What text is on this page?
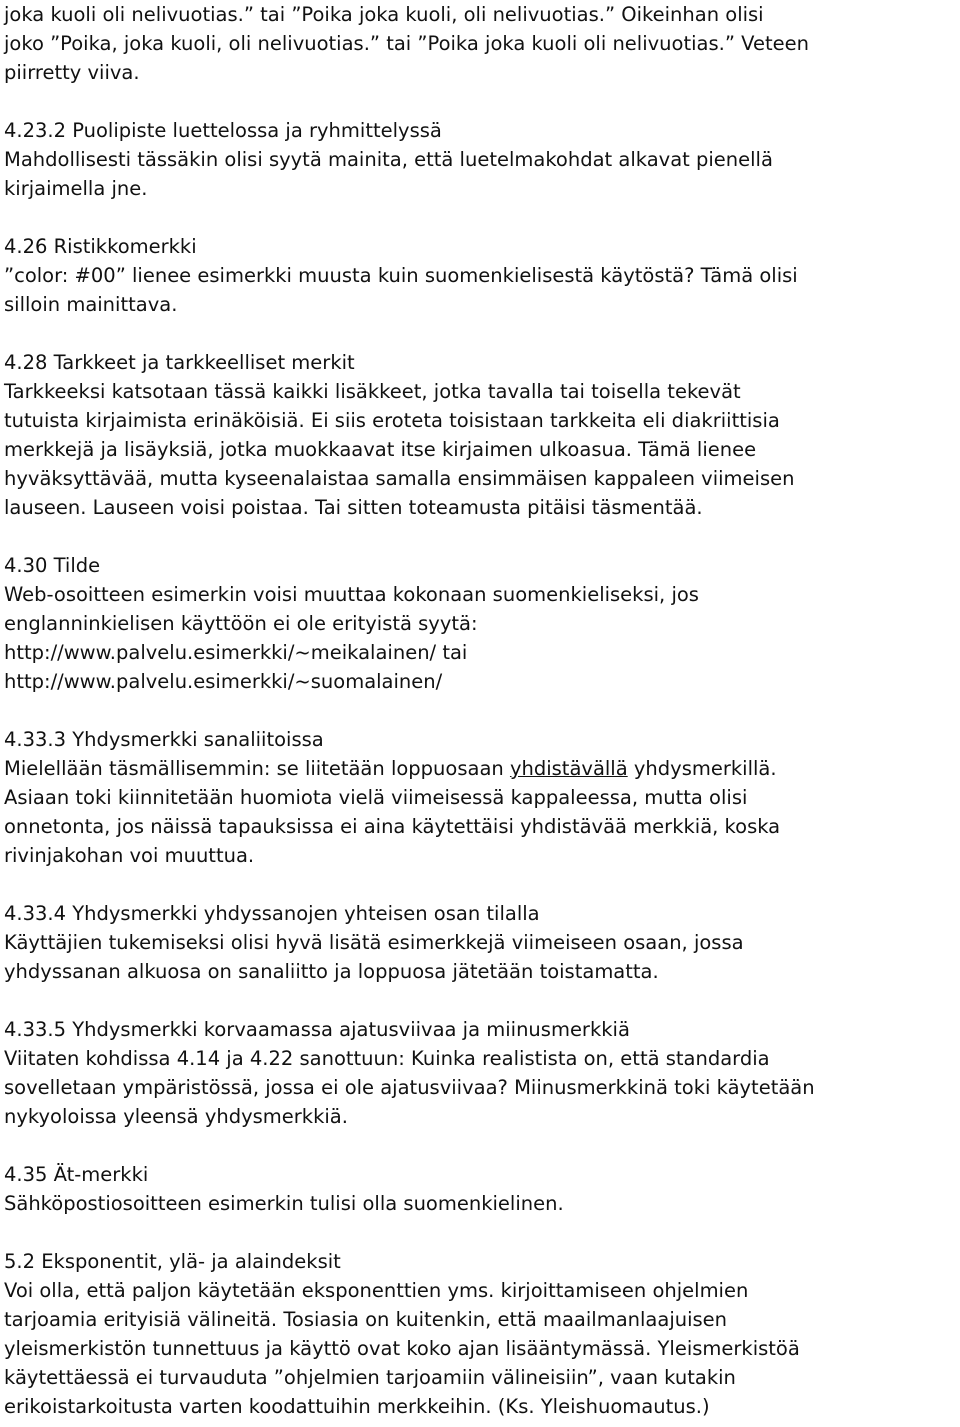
joka kuoli oli nelivuotias.” tai ”Poika joka kuoli, oli nelivuotias.” Oikeinhan olisi
joko ”Poika, joka kuoli, oli nelivuotias.” tai ”Poika joka kuoli oli nelivuotias.” Veteen
piirretty viiva.
4.23.2 Puolipiste luettelossa ja ryhmittelyssä
Mahdollisesti tässäkin olisi syytä mainita, että luetelmakohdat alkavat pienellä
kirjaimella jne.
4.26 Ristikkomerkki
”color: #00” lienee esimerkki muusta kuin suomenkielisestä käytöstä? Tämä olisi
silloin mainittava.
4.28 Tarkkeet ja tarkkeelliset merkit
Tarkkeeksi katsotaan tässä kaikki lisäkkeet, jotka tavalla tai toisella tekevät
tutuista kirjaimista erinäköisiä. Ei siis eroteta toisistaan tarkkeita eli diakriittisia
merkkejä ja lisäyksiä, jotka muokkaavat itse kirjaimen ulkoasua. Tämä lienee
hyväksyttävää, mutta kyseenalaistaa samalla ensimmäisen kappaleen viimeisen
lauseen. Lauseen voisi poistaa. Tai sitten toteamusta pitäisi täsmentää.
4.30 Tilde
Web-osoitteen esimerkin voisi muuttaa kokonaan suomenkieliseksi, jos
englanninkielisen käyttöön ei ole erityistä syytä:
http://www.palvelu.esimerkki/~meikalainen/ tai
http://www.palvelu.esimerkki/~suomalainen/
4.33.3 Yhdysmerkki sanaliitoissa
Mielellään täsmällisemmin: se liitetään loppuosaan yhdistävällä yhdysmerkillä.
Asiaan toki kiinnitetään huomiota vielä viimeisessä kappaleessa, mutta olisi
onnetonta, jos näissä tapauksissa ei aina käytettäisi yhdistävää merkkiä, koska
rivinjakohan voi muuttua.
4.33.4 Yhdysmerkki yhdyssanojen yhteisen osan tilalla
Käyttäjien tukemiseksi olisi hyvä lisätä esimerkkejä viimeiseen osaan, jossa
yhdyssanan alkuosa on sanaliitto ja loppuosa jätetään toistamatta.
4.33.5 Yhdysmerkki korvaamassa ajatusviivaa ja miinusmerkkiä
Viitaten kohdissa 4.14 ja 4.22 sanottuun: Kuinka realistista on, että standardia
sovelletaan ympäristössä, jossa ei ole ajatusviivaa? Miinusmerkkinä toki käytetään
nykyoloissa yleensä yhdysmerkkiä.
4.35 Ät-merkki
Sähköpostiosoitteen esimerkin tulisi olla suomenkielinen.
5.2 Eksponentit, ylä- ja alaindeksit
Voi olla, että paljon käytetään eksponenttien yms. kirjoittamiseen ohjelmien
tarjoamia erityisiä välineitä. Tosiasia on kuitenkin, että maailmanlaajuisen
yleismerkistön tunnettuus ja käyttö ovat koko ajan lisääntymässä. Yleismerkistöä
käytettäessä ei turvauduta ”ohjelmien tarjoamiin välineisiin”, vaan kutakin
erikoistarkoitusta varten koodattuihin merkkeihin. (Ks. Yleishuomautus.)
